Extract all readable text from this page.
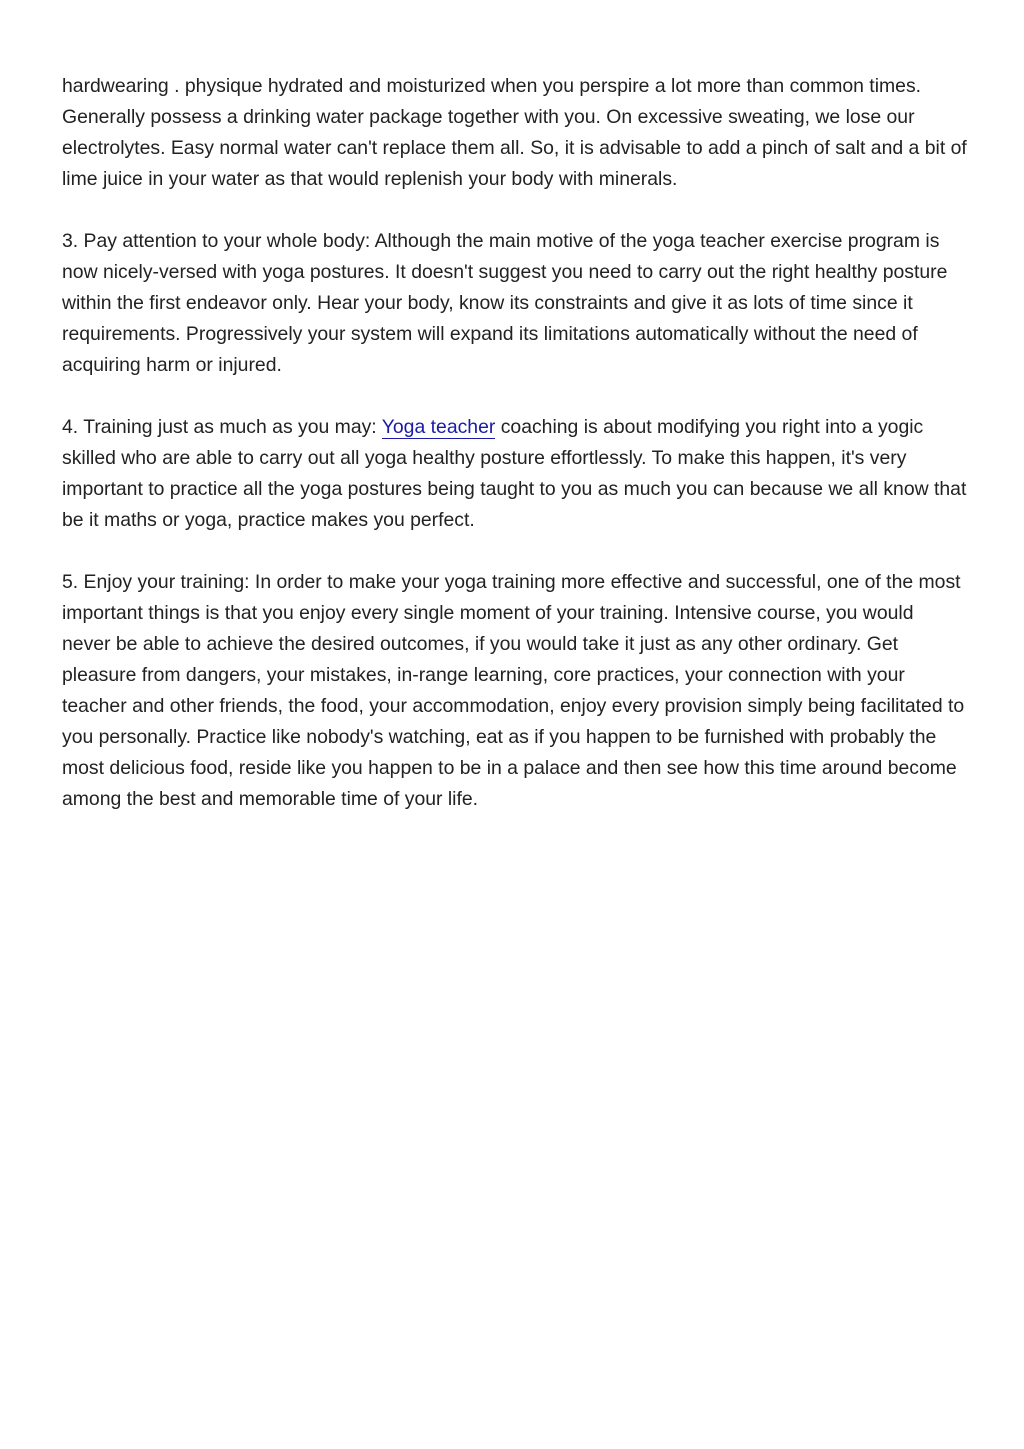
hardwearing . physique hydrated and moisturized when you perspire a lot more than common times. Generally possess a drinking water package together with you. On excessive sweating, we lose our electrolytes. Easy normal water can't replace them all. So, it is advisable to add a pinch of salt and a bit of lime juice in your water as that would replenish your body with minerals.

3. Pay attention to your whole body: Although the main motive of the yoga teacher exercise program is now nicely-versed with yoga postures. It doesn't suggest you need to carry out the right healthy posture within the first endeavor only. Hear your body, know its constraints and give it as lots of time since it requirements. Progressively your system will expand its limitations automatically without the need of acquiring harm or injured.

4. Training just as much as you may: Yoga teacher coaching is about modifying you right into a yogic skilled who are able to carry out all yoga healthy posture effortlessly. To make this happen, it's very important to practice all the yoga postures being taught to you as much you can because we all know that be it maths or yoga, practice makes you perfect.

5. Enjoy your training: In order to make your yoga training more effective and successful, one of the most important things is that you enjoy every single moment of your training. Intensive course, you would never be able to achieve the desired outcomes, if you would take it just as any other ordinary. Get pleasure from dangers, your mistakes, in-range learning, core practices, your connection with your teacher and other friends, the food, your accommodation, enjoy every provision simply being facilitated to you personally. Practice like nobody's watching, eat as if you happen to be furnished with probably the most delicious food, reside like you happen to be in a palace and then see how this time around become among the best and memorable time of your life.
